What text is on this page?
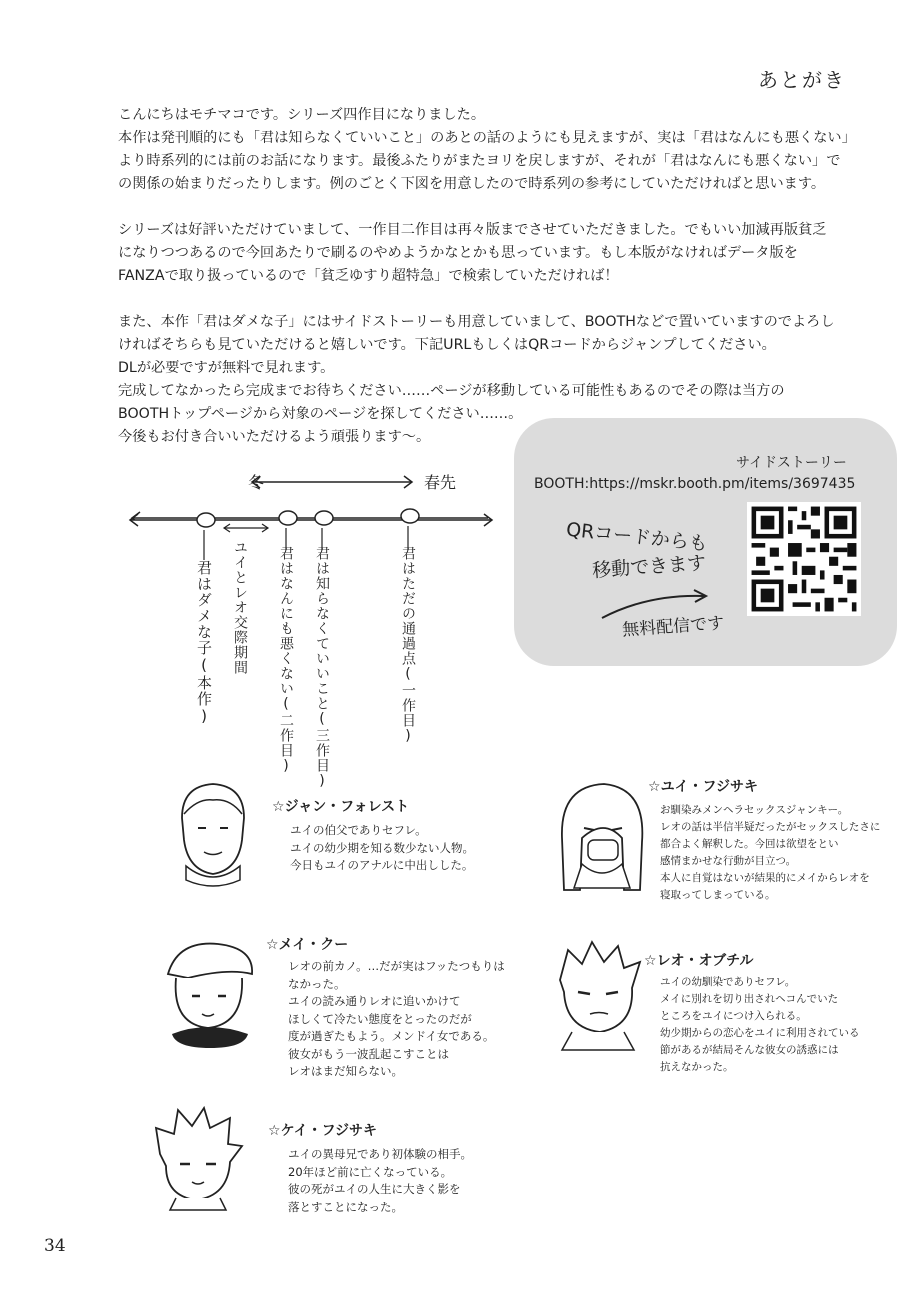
あとがき

こんにちはモチマコです。シリーズ四作目になりました。

本作は発刊順的にも「君は知らなくていいこと」のあとの話のようにも見えますが、実は「君はなんにも悪くない」

より時系列的には前のお話になります。最後ふたりがまたヨリを戻しますが、それが「君はなんにも悪くない」で

の関係の始まりだったりします。例のごとく下図を用意したので時系列の参考にしていただければと思います。

シリーズは好評いただけていまして、一作目二作目は再々版までさせていただきました。でもいい加減再版貧乏

になりつつあるので今回あたりで刷るのやめようかなとかも思っています。もし本版がなければデータ版を

FANZAで取り扱っているので「貧乏ゆすり超特急」で検索していただければ！

また、本作「君はダメな子」にはサイドストーリーも用意していまして、BOOTHなどで置いていますのでよろし

ければそちらも見ていただけると嬉しいです。下記URLもしくはQRコードからジャンプしてください。

DLが必要ですが無料で見れます。

完成してなかったら完成までお待ちください……ページが移動している可能性もあるのでその際は当方の

BOOTHトップページから対象のページを探してください……。

今後もお付き合いいただけるよう頑張ります〜。

サイドストーリー
BOOTH:https://mskr.booth.pm/items/3697435
QRコードからも
移動できます
無料配信です
冬	春先
君はダメな子(本作) ユイとレオ交際期間 君はなんにも悪くない(二作目) 君は知らなくていいこと(三作目)	君はただの通過点(一作目)
☆ジャン・フォレスト

ユイの伯父でありセフレ。

ユイの幼少期を知る数少ない人物。

今日もユイのアナルに中出しした。

☆ユイ・フジサキ

お馴染みメンヘラセックスジャンキー。

レオの話は半信半疑だったがセックスしたさに

都合よく解釈した。今回は欲望をとい

感情まかせな行動が目立つ。

本人に自覚はないが結果的にメイからレオを

寝取ってしまっている。

☆メイ・クー

レオの前カノ。…だが実はフッたつもりは

なかった。

ユイの読み通りレオに追いかけて

ほしくて冷たい態度をとったのだが

度が過ぎたもよう。メンドイ女である。

彼女がもう一波乱起こすことは

レオはまだ知らない。

☆レオ・オブチル

ユイの幼馴染でありセフレ。

メイに別れを切り出されヘコんでいた

ところをユイにつけ入られる。

幼少期からの恋心をユイに利用されている

節があるが結局そんな彼女の誘惑には

抗えなかった。

☆ケイ・フジサキ

ユイの異母兄であり初体験の相手。

20年ほど前に亡くなっている。

彼の死がユイの人生に大きく影を

落とすことになった。

34
